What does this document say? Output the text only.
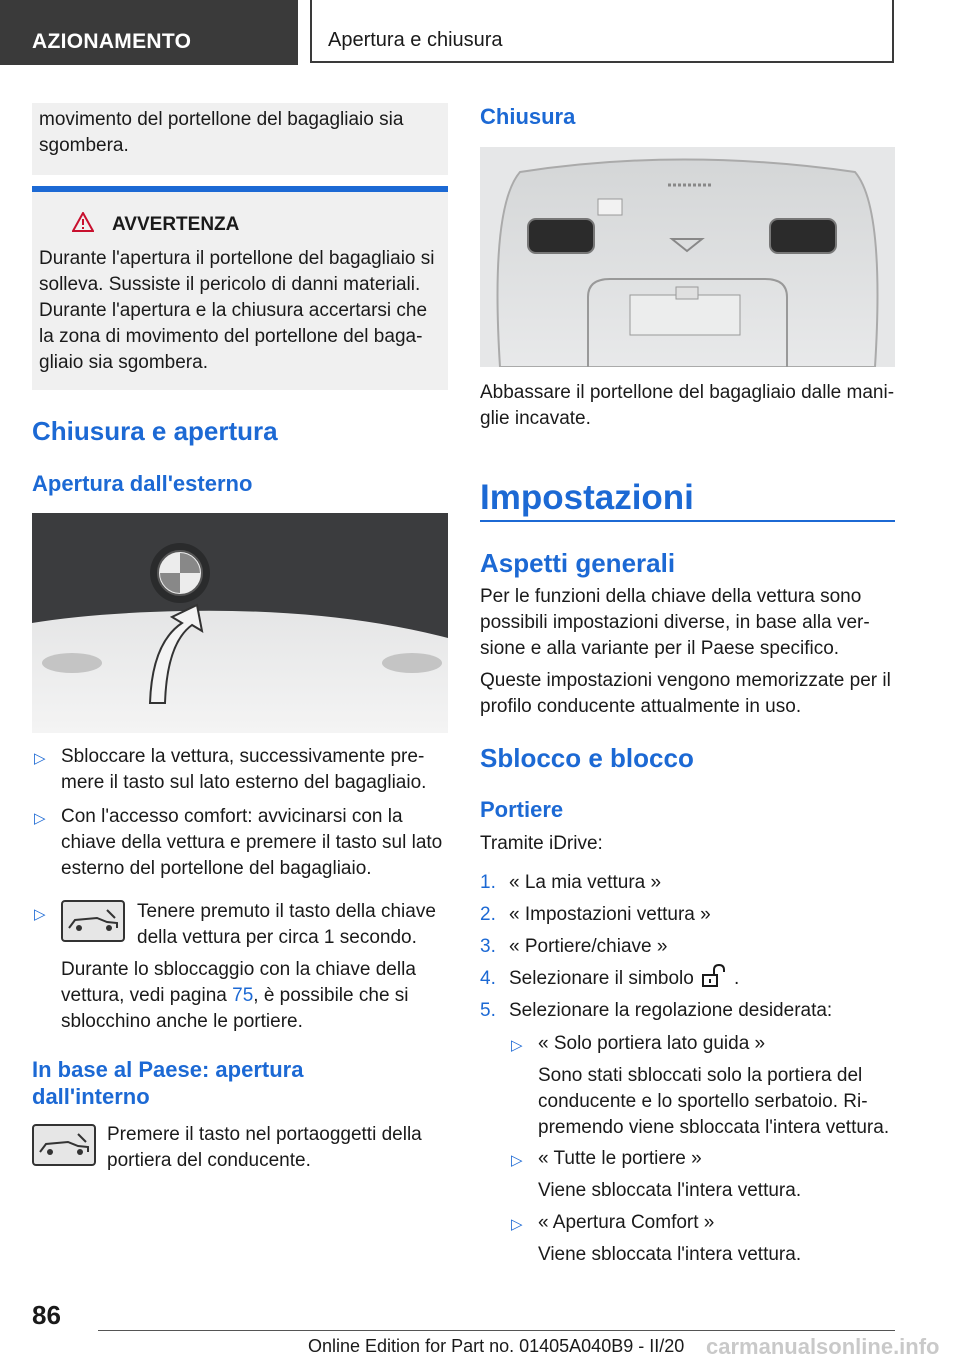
AZIONAMENTO	Apertura e chiusura
movimento del portellone del bagagliaio sia
sgombera.
AVVERTENZA
Durante l'apertura il portellone del bagagliaio si
solleva. Sussiste il pericolo di danni materiali.
Durante l'apertura e la chiusura accertarsi che
la zona di movimento del portellone del baga-
gliaio sia sgombera.
Chiusura e apertura
Apertura dall'esterno
▷ Sbloccare la vettura, successivamente pre-
mere il tasto sul lato esterno del bagagliaio.
▷ Con l'accesso comfort: avvicinarsi con la
chiave della vettura e premere il tasto sul lato
esterno del portellone del bagagliaio.
▷	Tenere premuto il tasto della chiave
della vettura per circa 1 secondo.
Durante lo sbloccaggio con la chiave della
vettura, vedi pagina 75, è possibile che si
sblocchino anche le portiere.
In base al Paese: apertura
dall'interno
Premere il tasto nel portaoggetti della
portiera del conducente.
Chiusura
Abbassare il portellone del bagagliaio dalle mani-
glie incavate.
Impostazioni
Aspetti generali
Per le funzioni della chiave della vettura sono
possibili impostazioni diverse, in base alla ver-
sione e alla variante per il Paese specifico.
Queste impostazioni vengono memorizzate per il
profilo conducente attualmente in uso.
Sblocco e blocco
Portiere
Tramite iDrive:
1. « La mia vettura »
2. « Impostazioni vettura »
3. « Portiere/chiave »
4. Selezionare il simbolo .
5. Selezionare la regolazione desiderata:
▷ « Solo portiera lato guida »
Sono stati sbloccati solo la portiera del
conducente e lo sportello serbatoio. Ri-
premendo viene sbloccata l'intera vettura.
▷ « Tutte le portiere »
Viene sbloccata l'intera vettura.
▷ « Apertura Comfort »
Viene sbloccata l'intera vettura.
86
Online Edition for Part no. 01405A040B9 - II/20 carmanualsonline.info
